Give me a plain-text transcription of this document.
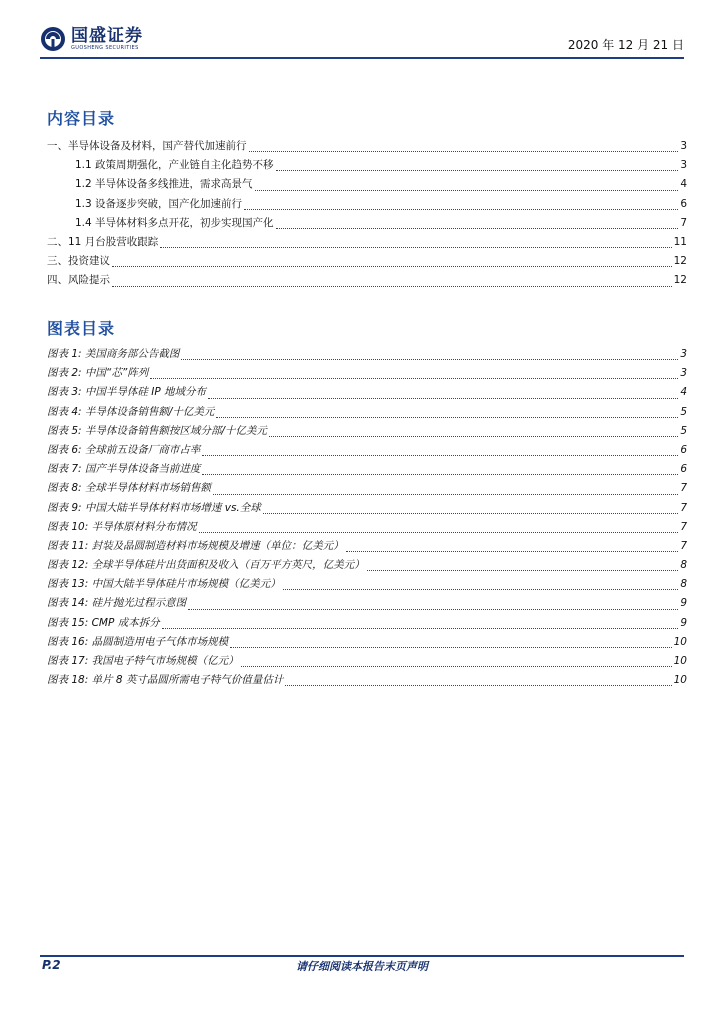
国盛证券
GUOSHENG SECURITIES	2020 年 12 月 21 日
内容目录
一、半导体设备及材料，国产替代加速前行	3
1.1 政策周期强化，产业链自主化趋势不移	3
1.2 半导体设备多线推进，需求高景气	4
1.3 设备逐步突破，国产化加速前行	6
1.4 半导体材料多点开花，初步实现国产化	7
二、11 月台股营收跟踪	11
三、投资建议	12
四、风险提示	12
图表目录
图表 1: 美国商务部公告截图	3
图表 2: 中国“芯”阵列	3
图表 3: 中国半导体硅 IP 地域分布	4
图表 4: 半导体设备销售额/十亿美元	5
图表 5: 半导体设备销售额按区域分部/十亿美元	5
图表 6: 全球前五设备厂商市占率	6
图表 7: 国产半导体设备当前进度	6
图表 8: 全球半导体材料市场销售额	7
图表 9: 中国大陆半导体材料市场增速 vs.全球	7
图表 10: 半导体原材料分布情况	7
图表 11: 封装及晶圆制造材料市场规模及增速（单位：亿美元）	7
图表 12: 全球半导体硅片出货面积及收入（百万平方英尺，亿美元）	8
图表 13: 中国大陆半导体硅片市场规模（亿美元）	8
图表 14: 硅片抛光过程示意图	9
图表 15: CMP 成本拆分	9
图表 16: 晶圆制造用电子气体市场规模	10
图表 17: 我国电子特气市场规模（亿元）	10
图表 18: 单片 8 英寸晶圆所需电子特气价值量估计	10
请仔细阅读本报告末页声明
P.2
